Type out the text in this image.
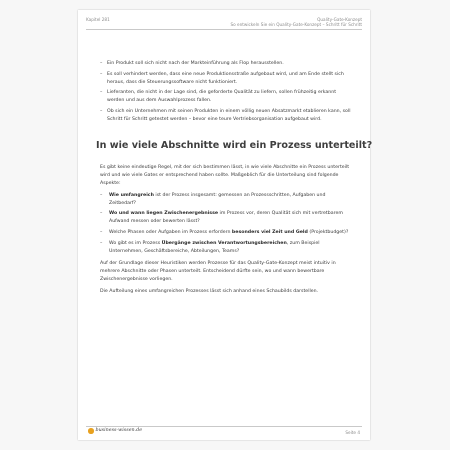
Kapitel 281	Quality-Gate-Konzept
So entwickeln Sie ein Quality-Gate-Konzept – Schritt für Schritt
– Ein Produkt soll sich nicht nach der Markteinführung als Flop herausstellen.
– Es soll verhindert werden, dass eine neue Produktionsstraße aufgebaut wird, und am Ende stellt sich heraus, dass die Steuerungssoftware nicht funktioniert.
– Lieferanten, die nicht in der Lage sind, die geforderte Qualität zu liefern, sollen frühzeitig erkannt werden und aus dem Auswahlprozess fallen.
– Ob sich ein Unternehmen mit seinen Produkten in einem völlig neuen Absatzmarkt etablieren kann, soll Schritt für Schritt getestet werden – bevor eine teure Vertriebsorganisation aufgebaut wird.
In wie viele Abschnitte wird ein Prozess unterteilt?

Es gibt keine eindeutige Regel, mit der sich bestimmen lässt, in wie viele Abschnitte ein Prozess unterteilt wird und wie viele Gates er entsprechend haben sollte. Maßgeblich für die Unterteilung sind folgende Aspekte:

– Wie umfangreich ist der Prozess insgesamt: gemessen an Prozessschritten, Aufgaben und Zeitbedarf?
– Wo und wann liegen Zwischenergebnisse im Prozess vor, deren Qualität sich mit vertretbarem Aufwand messen oder bewerten lässt?
– Welche Phasen oder Aufgaben im Prozess erfordern besonders viel Zeit und Geld (Projektbudget)?
– Wo gibt es im Prozess Übergänge zwischen Verantwortungsbereichen, zum Beispiel Unternehmen, Geschäftsbereiche, Abteilungen, Teams?

Auf der Grundlage dieser Heuristiken werden Prozesse für das Quality-Gate-Konzept meist intuitiv in mehrere Abschnitte oder Phasen unterteilt. Entscheidend dürfte sein, wo und wann bewertbare Zwischenergebnisse vorliegen.

Die Aufteilung eines umfangreichen Prozesses lässt sich anhand eines Schaubilds darstellen.

business-wissen.de	Seite 4
